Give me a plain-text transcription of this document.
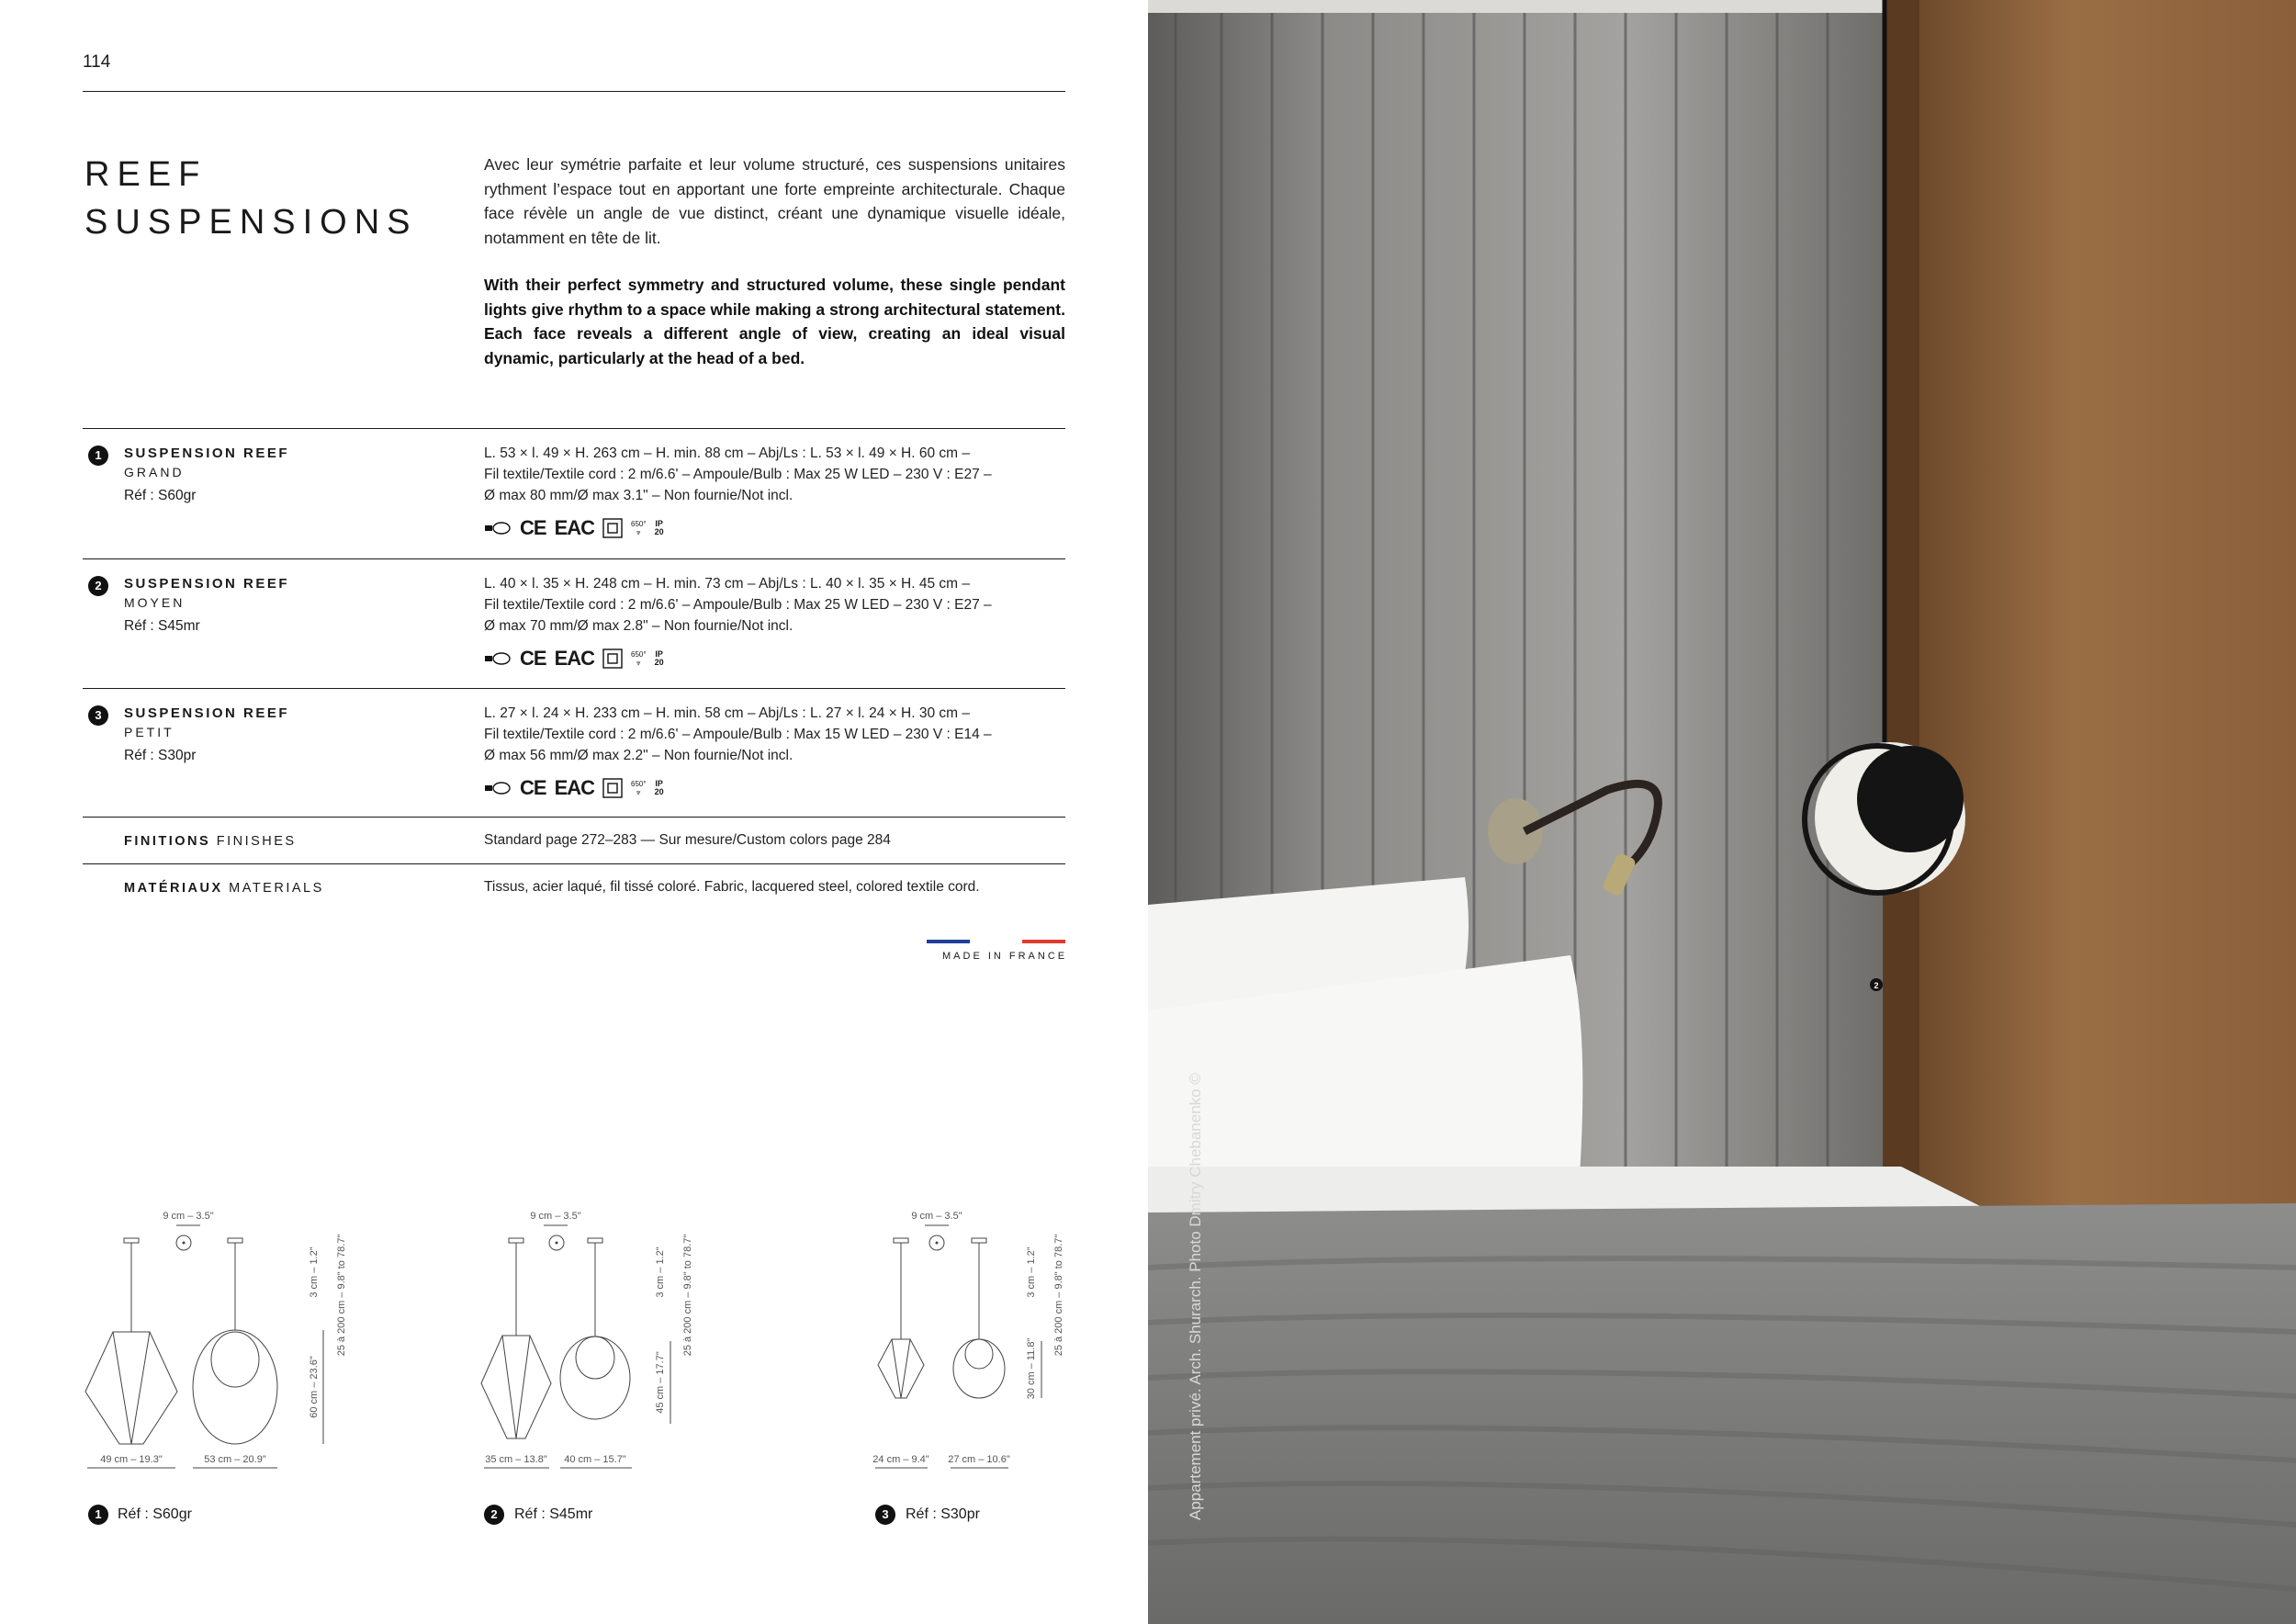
114
REEF
SUSPENSIONS
Avec leur symétrie parfaite et leur volume structuré, ces suspensions unitaires rythment l’espace tout en apportant une forte empreinte architecturale. Chaque face révèle un angle de vue distinct, créant une dynamique visuelle idéale, notamment en tête de lit.
With their perfect symmetry and structured volume, these single pendant lights give rhythm to a space while making a strong architectural statement. Each face reveals a different angle of view, creating an ideal visual dynamic, particularly at the head of a bed.
1	SUSPENSION REEF
GRAND
Réf : S60gr
L. 53 × l. 49 × H. 263 cm – H. min. 88 cm – Abj/Ls : L. 53 × l. 49 × H. 60 cm –
Fil textile/Textile cord : 2 m/6.6' – Ampoule/Bulb : Max 25 W LED – 230 V : E27 –
Ø max 80 mm/Ø max 3.1" – Non fournie/Not incl.
CE EAC	650°
⩔
IP
20
2	SUSPENSION REEF
MOYEN
Réf : S45mr
L. 40 × l. 35 × H. 248 cm – H. min. 73 cm – Abj/Ls : L. 40 × l. 35 × H. 45 cm –
Fil textile/Textile cord : 2 m/6.6' – Ampoule/Bulb : Max 25 W LED – 230 V : E27 –
Ø max 70 mm/Ø max 2.8" – Non fournie/Not incl.
CE EAC	650°
⩔
IP
20
3	SUSPENSION REEF
PETIT
Réf : S30pr
L. 27 × l. 24 × H. 233 cm – H. min. 58 cm – Abj/Ls : L. 27 × l. 24 × H. 30 cm –
Fil textile/Textile cord : 2 m/6.6' – Ampoule/Bulb : Max 15 W LED – 230 V : E14 –
Ø max 56 mm/Ø max 2.2" – Non fournie/Not incl.
CE EAC	650°
⩔
IP
20
FINITIONS FINISHES	Standard page 272–283 — Sur mesure/Custom colors page 284
MATÉRIAUX MATERIALS	Tissus, acier laqué, fil tissé coloré. Fabric, lacquered steel, colored textile cord.
MADE IN FRANCE
9 cm – 3.5"
3 cm – 1.2" 25 à 200 cm – 9.8" to 78.7"
60 cm – 23.6"
49 cm – 19.3"	53 cm – 20.9"
9 cm – 3.5"
3 cm – 1.2" 25 à 200 cm – 9.8" to 78.7"
45 cm – 17.7"
35 cm – 13.8" 40 cm – 15.7"
9 cm – 3.5"
3 cm – 1.2" 25 à 200 cm – 9.8" to 78.7"
30 cm – 11.8"
24 cm – 9.4" 27 cm – 10.6"
1	Réf : S60gr	2	Réf : S45mr	3	Réf : S30pr
2
Appartement privé. Arch. Shurarch. Photo Dmitry Chebanenko ©
